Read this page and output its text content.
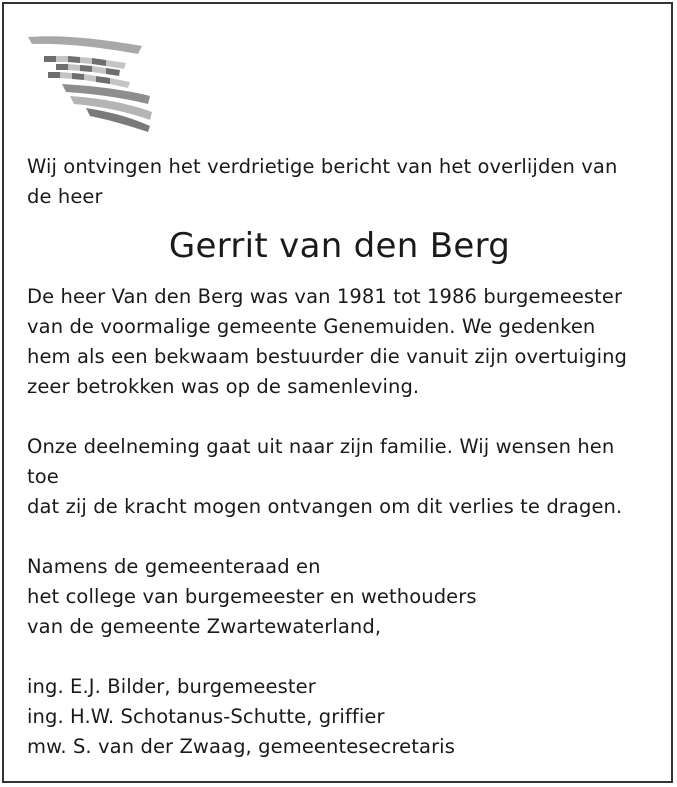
Wij ontvingen het verdrietige bericht van het overlijden van
de heer

Gerrit van den Berg

De heer Van den Berg was van 1981 tot 1986 burgemeester
van de voormalige gemeente Genemuiden. We gedenken
hem als een bekwaam bestuurder die vanuit zijn overtuiging
zeer betrokken was op de samenleving.

Onze deelneming gaat uit naar zijn familie. Wij wensen hen toe
dat zij de kracht mogen ontvangen om dit verlies te dragen.

Namens de gemeenteraad en
het college van burgemeester en wethouders
van de gemeente Zwartewaterland,

ing. E.J. Bilder, burgemeester
ing. H.W. Schotanus-Schutte, griffier
mw. S. van der Zwaag, gemeentesecretaris
